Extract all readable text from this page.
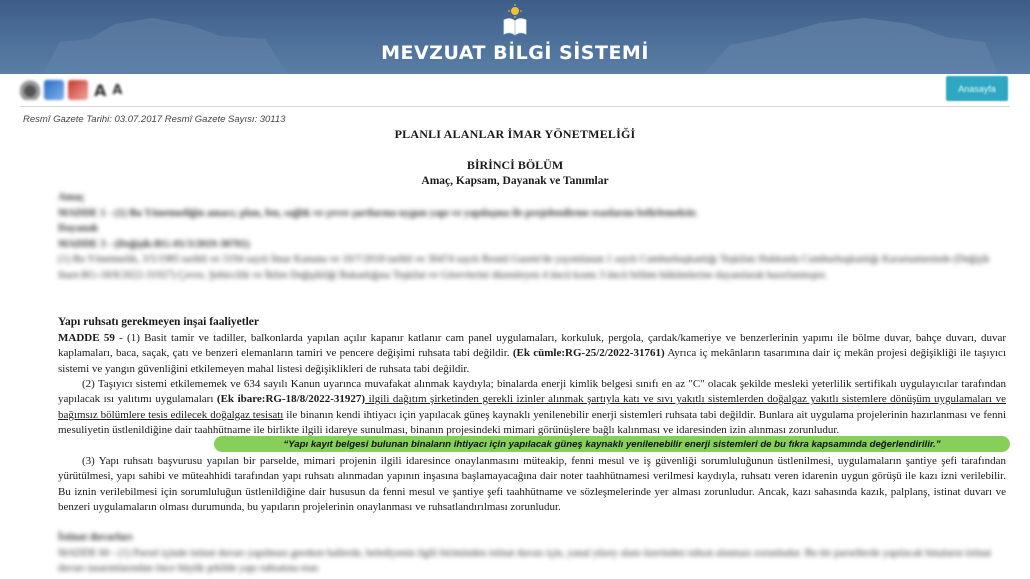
MEVZUAT BİLGİ SİSTEMİ
A A	Anasayfa
Resmî Gazete Tarihi: 03.07.2017 Resmî Gazete Sayısı: 30113
PLANLI ALANLAR İMAR YÖNETMELİĞİ
BİRİNCİ BÖLÜM
Amaç, Kapsam, Dayanak ve Tanımlar
Amaç
MADDE 1 - (1) Bu Yönetmeliğin amacı; plan, fen, sağlık ve çevre şartlarına uygun yapı ve yapılaşma ile projelendirme esaslarını belirlemektir.
Dayanak
MADDE 3 - (Değişik:RG-01/3/2019-30701)
(1) Bu Yönetmelik, 3/5/1985 tarihli ve 3194 sayılı İmar Kanunu ve 10/7/2018 tarihli ve 30474 sayılı Resmî Gazete'de yayımlanan 1 sayılı Cumhurbaşkanlığı Teşkilatı Hakkında Cumhurbaşkanlığı Kararnamesinde (Değişik ibare:RG-18/8/2022-31927) Çevre, Şehircilik ve İklim Değişikliği Bakanlığına Teşkilat ve Görevlerini düzenleyen 4 üncü kısmı 3 üncü bölüm hükümlerine dayanılarak hazırlanmıştır.
Yapı ruhsatı gerekmeyen inşai faaliyetler
MADDE 59 - (1) Basit tamir ve tadiller, balkonlarda yapılan açılır kapanır katlanır cam panel uygulamaları, korkuluk, pergola, çardak/kameriye ve benzerlerinin yapımı ile bölme duvar, bahçe duvarı, duvar kaplamaları, baca, saçak, çatı ve benzeri elemanların tamiri ve pencere değişimi ruhsata tabi değildir. (Ek cümle:RG-25/2/2022-31761) Ayrıca iç mekânların tasarımına dair iç mekân projesi değişikliği ile taşıyıcı sistemi ve yangın güvenliğini etkilemeyen mahal listesi değişiklikleri de ruhsata tabi değildir.
(2) Taşıyıcı sistemi etkilememek ve 634 sayılı Kanun uyarınca muvafakat alınmak kaydıyla; binalarda enerji kimlik belgesi sınıfı en az "C" olacak şekilde mesleki yeterlilik sertifikalı uygulayıcılar tarafından yapılacak ısı yalıtımı uygulamaları (Ek ibare:RG-18/8/2022-31927) ilgili dağıtım şirketinden gerekli izinler alınmak şartıyla katı ve sıvı yakıtlı sistemlerden doğalgaz yakıtlı sistemlere dönüşüm uygulamaları ve bağımsız bölümlere tesis edilecek doğalgaz tesisatı ile binanın kendi ihtiyacı için yapılacak güneş kaynaklı yenilenebilir enerji sistemleri ruhsata tabi değildir. Bunlara ait uygulama projelerinin hazırlanması ve fenni mesuliyetin üstlenildiğine dair taahhütname ile birlikte ilgili idareye sunulması, binanın projesindeki mimari görünüşlere bağlı kalınması ve idaresinden izin alınması zorunludur.
“Yapı kayıt belgesi bulunan binaların ihtiyacı için yapılacak güneş kaynaklı yenilenebilir enerji sistemleri de bu fıkra kapsamında değerlendirilir.”
(3) Yapı ruhsatı başvurusu yapılan bir parselde, mimari projenin ilgili idaresince onaylanmasını müteakip, fenni mesul ve iş güvenliği sorumluluğunun üstlenilmesi, uygulamaların şantiye şefi tarafından yürütülmesi, yapı sahibi ve müteahhidi tarafından yapı ruhsatı alınmadan yapının inşasına başlamayacağına dair noter taahhütnamesi verilmesi kaydıyla, ruhsatı veren idarenin uygun görüşü ile kazı izni verilebilir. Bu iznin verilebilmesi için sorumluluğun üstlenildiğine dair hususun da fenni mesul ve şantiye şefi taahhütname ve sözleşmelerinde yer alması zorunludur. Ancak, kazı sahasında kazık, palplanş, istinat duvarı ve benzeri uygulamaların olması durumunda, bu yapıların projelerinin onaylanması ve ruhsatlandırılması zorunludur.
İstinat duvarları
MADDE 60 - (1) Parsel içinde istinat duvarı yapılması gereken hallerde, belediyenin ilgili biriminden istinat duvarı için, yanal yüzey alanı üzerinden ruhsat alınması zorunludur. Bu tür parsellerde yapılacak binaların istinat duvarı tasarımlarından önce büyük şekilde yapı ruhsatına esas
